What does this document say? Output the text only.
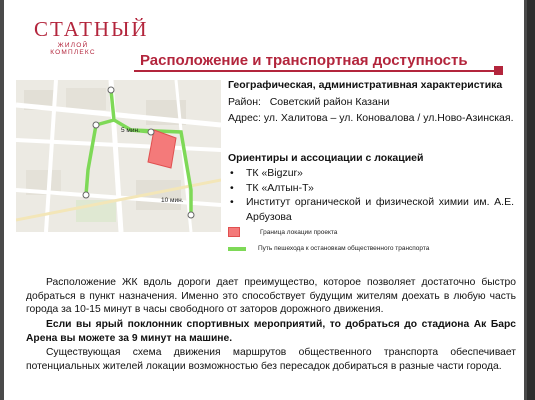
СТАТНЫЙ
ЖИЛОЙ КОМПЛЕКС	Расположение и транспортная доступность
5 мин.
10 мин.
Географическая, административная характеристика
Район: Советский район Казани
Адрес: ул. Халитова – ул. Коновалова / ул.Ново-Азинская.
Ориентиры и ассоциации с локацией
• ТК «Bigzur»
• ТК «Алтын-Т»
• Институт органической и физической химии им. А.Е. Арбузова
Граница локации проекта
Путь пешехода к остановкам общественного транспорта
Расположение ЖК вдоль дороги дает преимущество, которое позволяет достаточно быстро добраться в пункт назначения. Именно это способствует будущим жителям доехать в любую часть города за 10-15 минут в часы свободного от заторов дорожного движения.
Если вы ярый поклонник спортивных мероприятий, то добраться до стадиона Ак Барс Арена вы можете за 9 минут на машине.
Существующая схема движения маршрутов общественного транспорта обеспечивает потенциальных жителей локации возможностью без пересадок добираться в разные части города.
